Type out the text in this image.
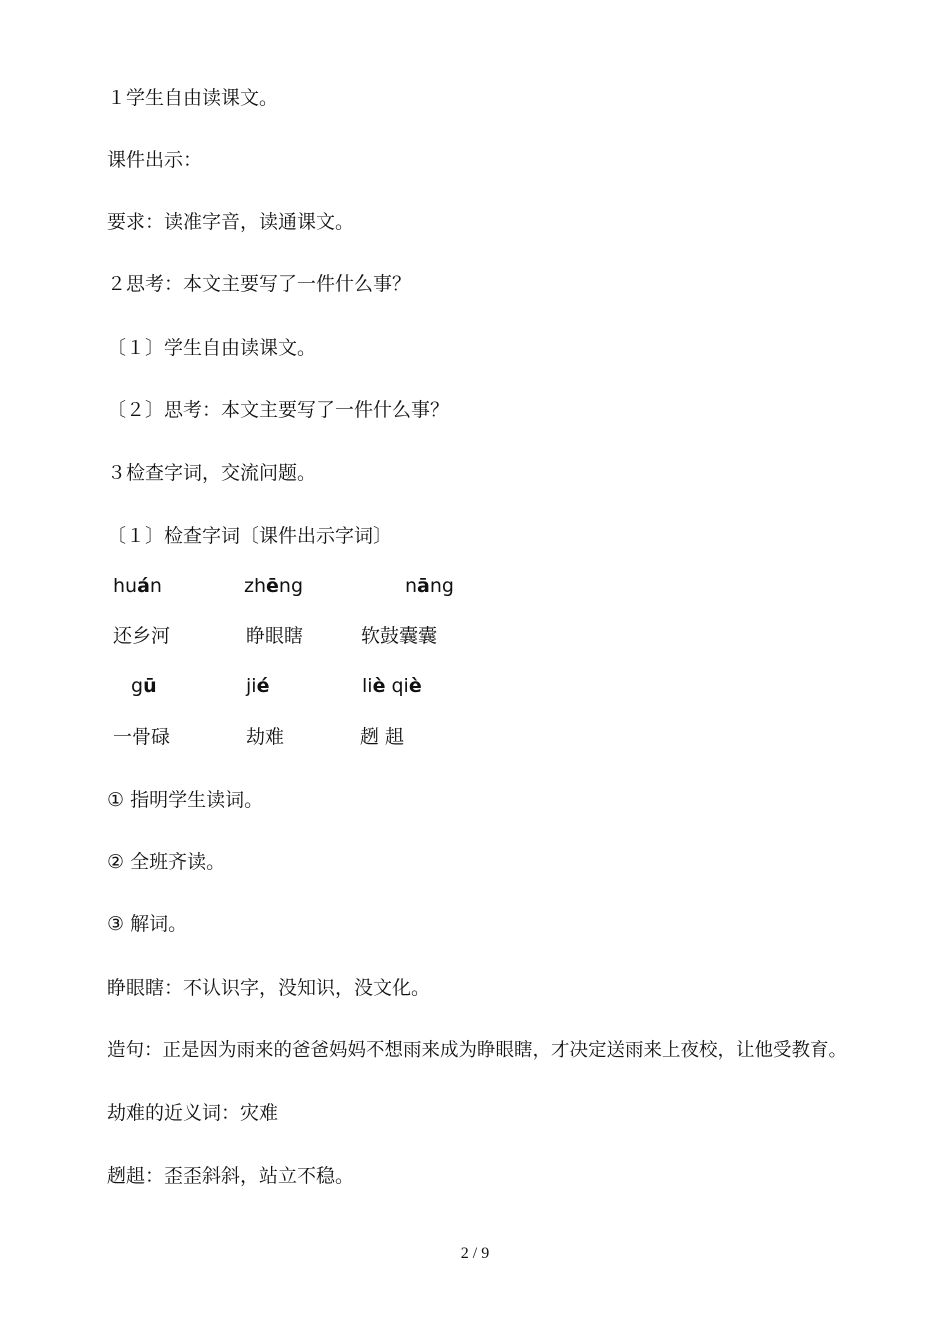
１学生自由读课文。
课件出示：
要求：读准字音，读通课文。
２思考：本文主要写了一件什么事？
〔１〕学生自由读课文。
〔２〕思考：本文主要写了一件什么事？
３检查字词，交流问题。
〔１〕检查字词〔课件出示字词〕
huán	zhēng	nāng
还乡河	睁眼瞎	软鼓囊囊
gū	jié	liè qiè
一骨碌	劫难	趔 趄
① 指明学生读词。
② 全班齐读。
③ 解词。
睁眼瞎：不认识字，没知识，没文化。
造句：正是因为雨来的爸爸妈妈不想雨来成为睁眼瞎，才决定送雨来上夜校，让他受教育。
劫难的近义词：灾难
趔趄：歪歪斜斜，站立不稳。
2 / 9
